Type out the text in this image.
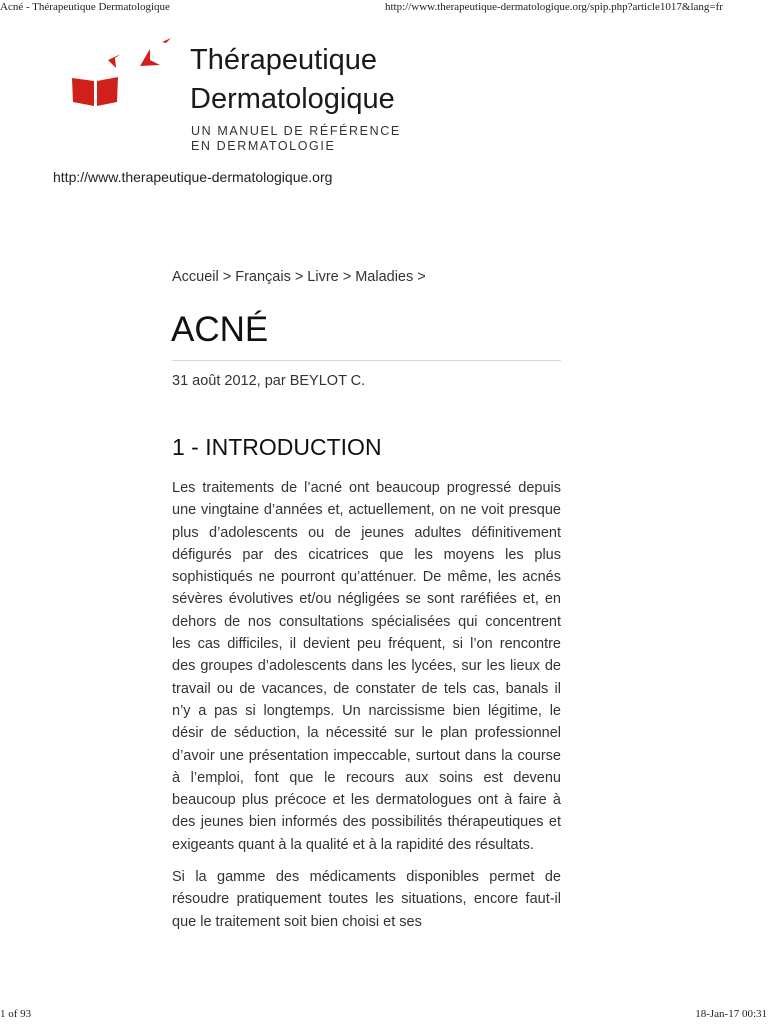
Acné - Thérapeutique Dermatologique	http://www.therapeutique-dermatologique.org/spip.php?article1017&lang=fr
Thérapeutique
Dermatologique
UN MANUEL DE RÉFÉRENCE
EN DERMATOLOGIE
http://www.therapeutique-dermatologique.org
Accueil > Français > Livre > Maladies >
ACNÉ
31 août 2012, par BEYLOT C.
1 - INTRODUCTION

Les traitements de l’acné ont beaucoup progressé depuis une vingtaine d’années et, actuellement, on ne voit presque plus d’adolescents ou de jeunes adultes définitivement défigurés par des cicatrices que les moyens les plus sophistiqués ne pourront qu’atténuer. De même, les acnés sévères évolutives et/ou négligées se sont raréfiées et, en dehors de nos consultations spécialisées qui concentrent les cas difficiles, il devient peu fréquent, si l’on rencontre des groupes d’adolescents dans les lycées, sur les lieux de travail ou de vacances, de constater de tels cas, banals il n’y a pas si longtemps. Un narcissisme bien légitime, le désir de séduction, la nécessité sur le plan professionnel d’avoir une présentation impeccable, surtout dans la course à l’emploi, font que le recours aux soins est devenu beaucoup plus précoce et les dermatologues ont à faire à des jeunes bien informés des possibilités thérapeutiques et exigeants quant à la qualité et à la rapidité des résultats.

Si la gamme des médicaments disponibles permet de résoudre pratiquement toutes les situations, encore faut-il que le traitement soit bien choisi et ses

1 of 93	18-Jan-17 00:31
